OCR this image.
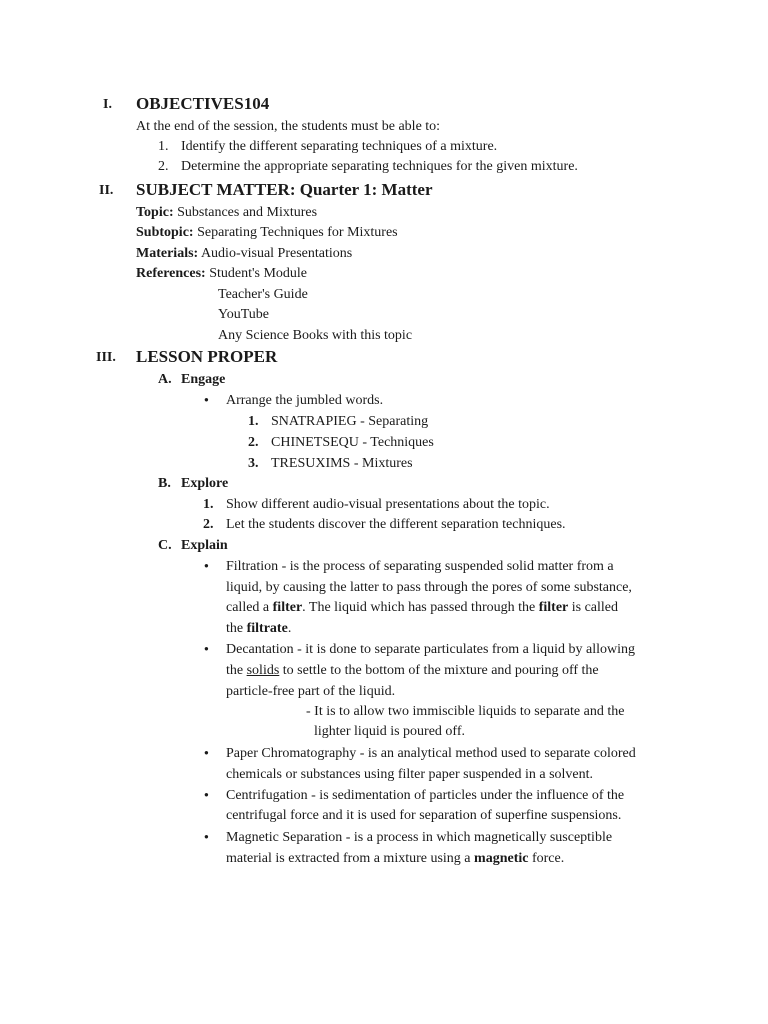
I. OBJECTIVES104
At the end of the session, the students must be able to:
1. Identify the different separating techniques of a mixture.
2. Determine the appropriate separating techniques for the given mixture.
II. SUBJECT MATTER: Quarter 1: Matter
Topic: Substances and Mixtures
Subtopic: Separating Techniques for Mixtures
Materials: Audio-visual Presentations
References: Student's Module
Teacher's Guide
YouTube
Any Science Books with this topic
III. LESSON PROPER
A. Engage
●
Arrange the jumbled words.
1. SNATRAPIEG - Separating
2. CHINETSEQU - Techniques
3. TRESUXIMS - Mixtures
B. Explore
1. Show different audio-visual presentations about the topic.
2. Let the students discover the different separation techniques.
C. Explain
●
Filtration - is the process of separating suspended solid matter from a
liquid, by causing the latter to pass through the pores of some substance,
called a filter. The liquid which has passed through the filter is called
the filtrate.
●
Decantation - it is done to separate particulates from a liquid by allowing
the solids to settle to the bottom of the mixture and pouring off the
particle-free part of the liquid.
- It is to allow two immiscible liquids to separate and the
lighter liquid is poured off.
●
Paper Chromatography - is an analytical method used to separate colored
chemicals or substances using filter paper suspended in a solvent.
●
Centrifugation - is sedimentation of particles under the influence of the
centrifugal force and it is used for separation of superfine suspensions.
●
Magnetic Separation - is a process in which magnetically susceptible
material is extracted from a mixture using a magnetic force.
